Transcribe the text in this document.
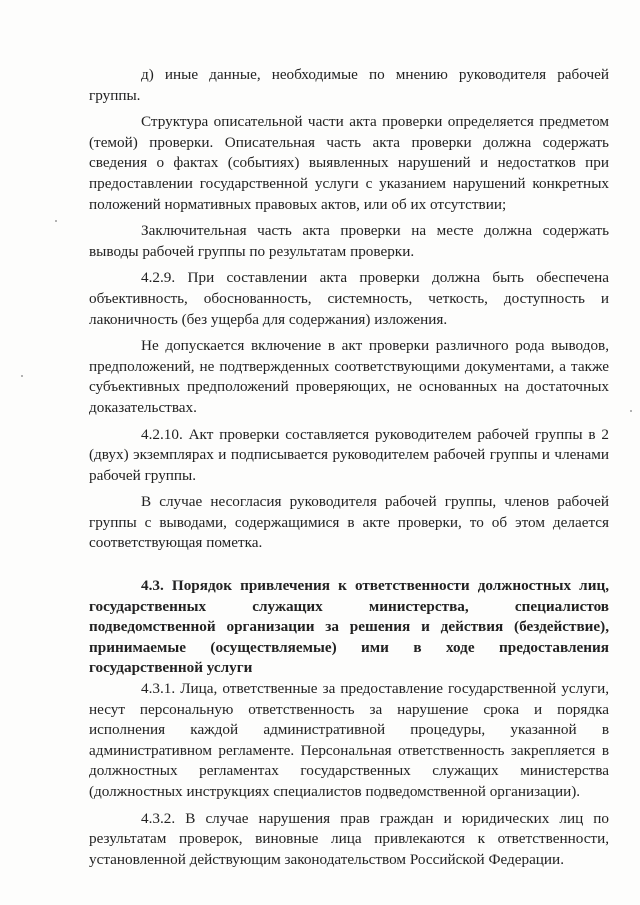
д) иные данные, необходимые по мнению руководителя рабочей группы.

Структура описательной части акта проверки определяется предметом (темой) проверки. Описательная часть акта проверки должна содержать сведения о фактах (событиях) выявленных нарушений и недостатков при предоставлении государственной услуги с указанием нарушений конкретных положений нормативных правовых актов, или об их отсутствии;

Заключительная часть акта проверки на месте должна содержать выводы рабочей группы по результатам проверки.

4.2.9. При составлении акта проверки должна быть обеспечена объективность, обоснованность, системность, четкость, доступность и лаконичность (без ущерба для содержания) изложения.

Не допускается включение в акт проверки различного рода выводов, предположений, не подтвержденных соответствующими документами, а также субъективных предположений проверяющих, не основанных на достаточных доказательствах.

4.2.10. Акт проверки составляется руководителем рабочей группы в 2 (двух) экземплярах и подписывается руководителем рабочей группы и членами рабочей группы.

В случае несогласия руководителя рабочей группы, членов рабочей группы с выводами, содержащимися в акте проверки, то об этом делается соответствующая пометка.

4.3. Порядок привлечения к ответственности должностных лиц, государственных служащих министерства, специалистов подведомственной организации за решения и действия (бездействие), принимаемые (осуществляемые) ими в ходе предоставления государственной услуги

4.3.1. Лица, ответственные за предоставление государственной услуги, несут персональную ответственность за нарушение срока и порядка исполнения каждой административной процедуры, указанной в административном регламенте. Персональная ответственность закрепляется в должностных регламентах государственных служащих министерства (должностных инструкциях специалистов подведомственной организации).

4.3.2. В случае нарушения прав граждан и юридических лиц по результатам проверок, виновные лица привлекаются к ответственности, установленной действующим законодательством Российской Федерации.
